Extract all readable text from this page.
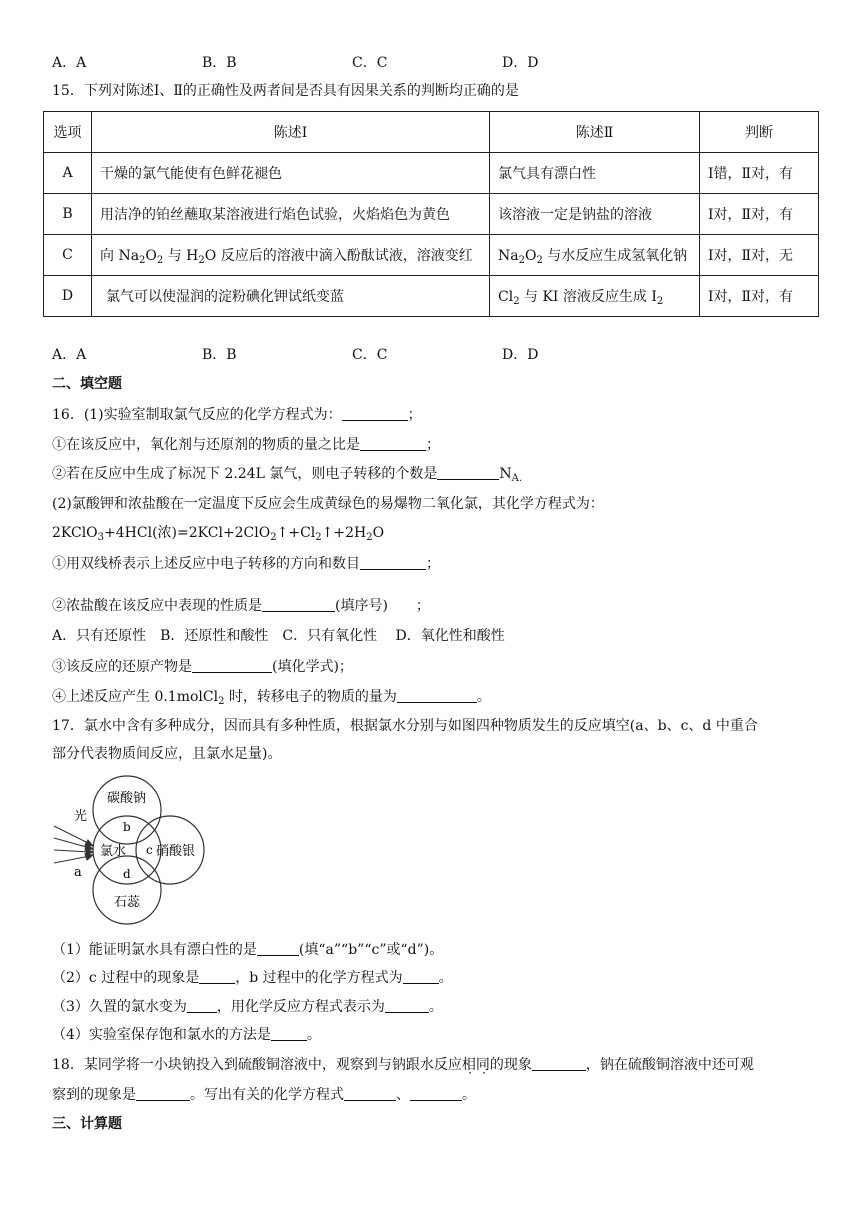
A．A	B．B	C．C	D．D
15．下列对陈述Ⅰ、Ⅱ的正确性及两者间是否具有因果关系的判断均正确的是
选项	陈述Ⅰ	陈述Ⅱ	判断
A	干燥的氯气能使有色鲜花褪色	氯气具有漂白性	Ⅰ错，Ⅱ对，有
B	用洁净的铂丝蘸取某溶液进行焰色试验，火焰焰色为黄色	该溶液一定是钠盐的溶液	Ⅰ对，Ⅱ对，有
C	向 $Na_2O_2$ 与 $H_2O$ 反应后的溶液中滴入酚酞试液，溶液变红	$Na_2O_2$ 与水反应生成氢氧化钠	Ⅰ对，Ⅱ对，无
D	氯气可以使湿润的淀粉碘化钾试纸变蓝	$Cl_2$ 与 KI 溶液反应生成 $I_2$	Ⅰ对，Ⅱ对，有
A．A	B．B	C．C	D．D
二、填空题
16．(1)实验室制取氯气反应的化学方程式为：	；
①在该反应中，氧化剂与还原剂的物质的量之比是	；
②若在反应中生成了标况下 2.24L 氯气，则电子转移的个数是	$N_{A.}$
(2)氯酸钾和浓盐酸在一定温度下反应会生成黄绿色的易爆物二氧化氯，其化学方程式为：
2KClO$_3$+4HCl(浓)$=2KCl+2ClO_2↑+Cl_2↑+2H_2O$
①用双线桥表示上述反应中电子转移的方向和数目	；
②浓盐酸在该反应中表现的性质是	(填序号)　　；
A．只有还原性　B．还原性和酸性　C．只有氧化性　 D．氧化性和酸性
③该反应的还原产物是	(填化学式)；
④上述反应产生 0.1molCl$_2$ 时，转移电子的物质的量为	。
17．氯水中含有多种成分，因而具有多种性质，根据氯水分别与如图四种物质发生的反应填空(a、b、c、d 中重合
部分代表物质间反应，且氯水足量)。
光
a
碳酸钠
b
氯水 c 硝酸银
d
石蕊
（1）能证明氯水具有漂白性的是	(填“a”“b”“c”或“d”)。
（2）c 过程中的现象是	，b 过程中的化学方程式为	。
（3）久置的氯水变为 ，用化学反应方程式表示为	。
（4）实验室保存饱和氯水的方法是	。
18．某同学将一小块钠投入到硫酸铜溶液中，观察到与钠跟水反应相同的现象	，钠在硫酸铜溶液中还可观
察到的现象是	。写出有关的化学方程式	、	。
三、计算题
